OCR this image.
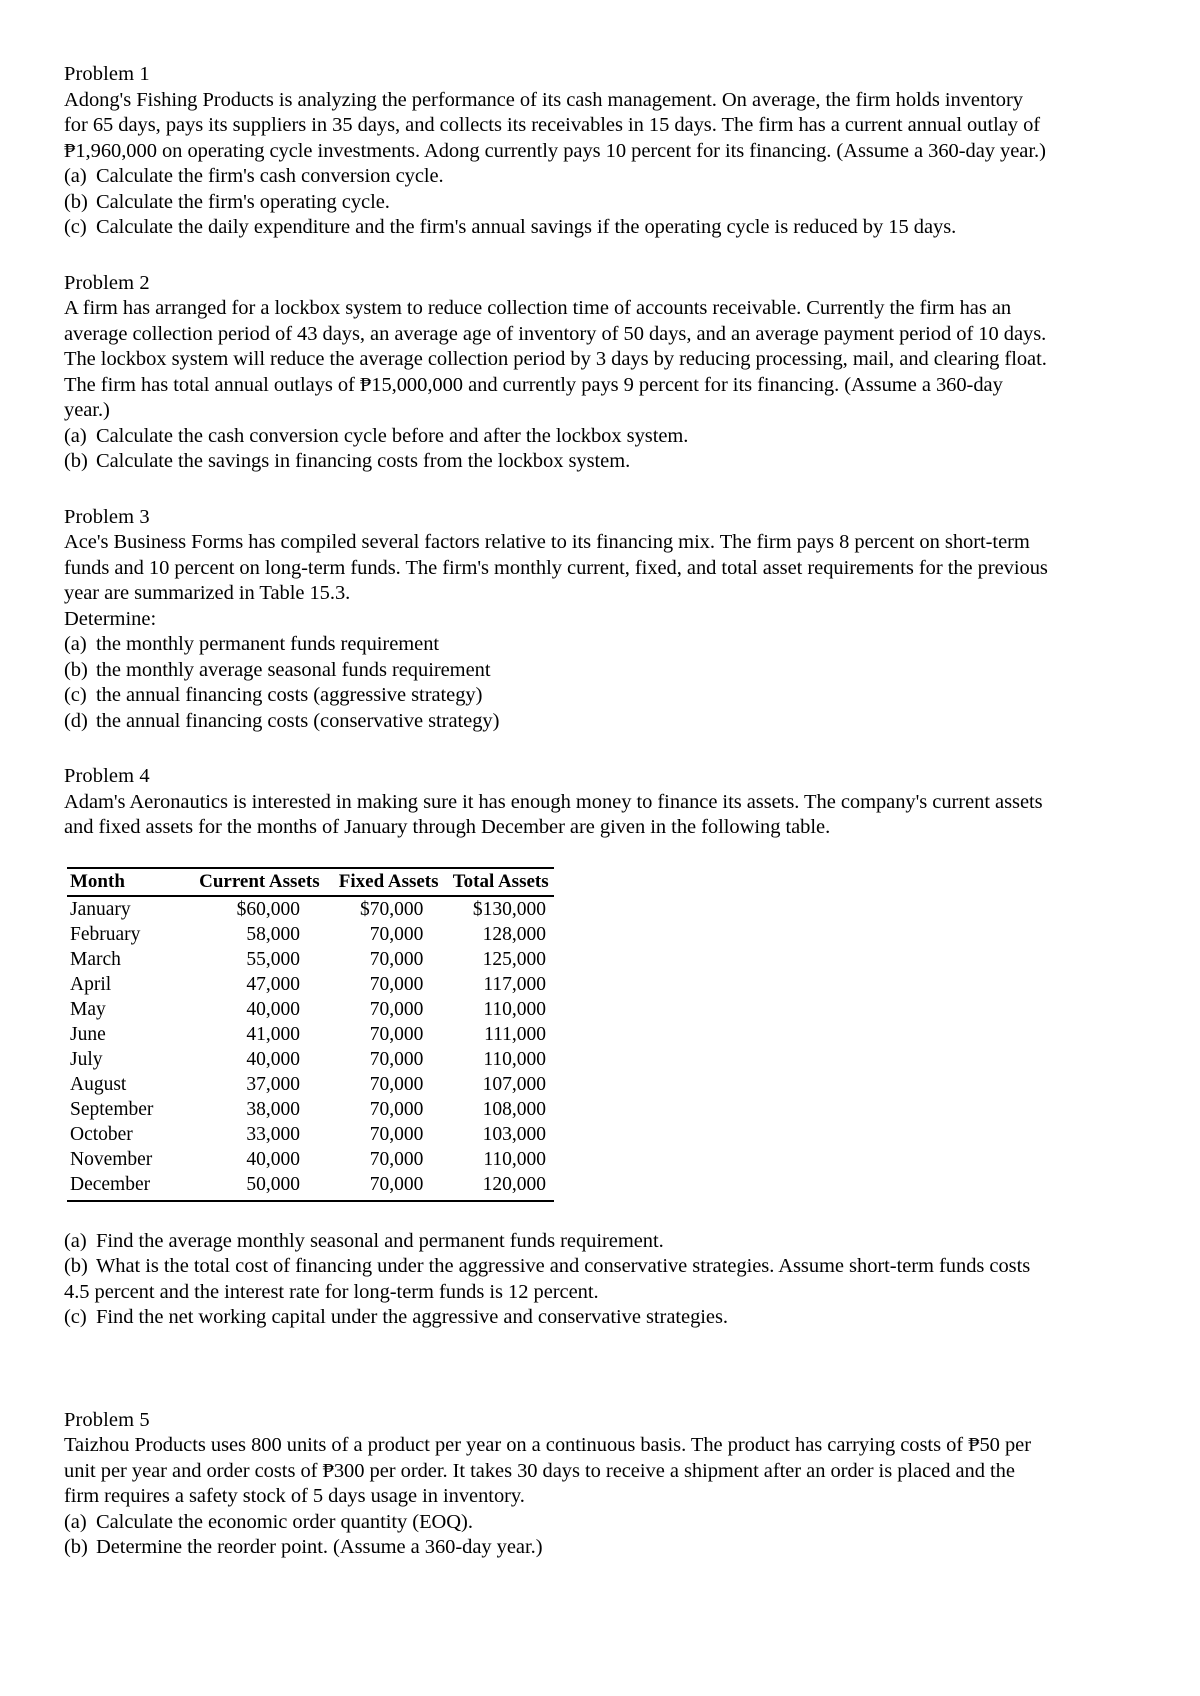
Problem 1

Adong's Fishing Products is analyzing the performance of its cash management. On average, the firm holds inventory for 65 days, pays its suppliers in 35 days, and collects its receivables in 15 days. The firm has a current annual outlay of ₱1,960,000 on operating cycle investments. Adong currently pays 10 percent for its financing. (Assume a 360-day year.)

(a) Calculate the firm's cash conversion cycle.

(b) Calculate the firm's operating cycle.

(c) Calculate the daily expenditure and the firm's annual savings if the operating cycle is reduced by 15 days.

Problem 2

A firm has arranged for a lockbox system to reduce collection time of accounts receivable. Currently the firm has an average collection period of 43 days, an average age of inventory of 50 days, and an average payment period of 10 days. The lockbox system will reduce the average collection period by 3 days by reducing processing, mail, and clearing float. The firm has total annual outlays of ₱15,000,000 and currently pays 9 percent for its financing. (Assume a 360-day year.)

(a) Calculate the cash conversion cycle before and after the lockbox system.

(b) Calculate the savings in financing costs from the lockbox system.

Problem 3

Ace's Business Forms has compiled several factors relative to its financing mix. The firm pays 8 percent on short-term funds and 10 percent on long-term funds. The firm's monthly current, fixed, and total asset requirements for the previous year are summarized in Table 15.3.

Determine:

(a) the monthly permanent funds requirement

(b) the monthly average seasonal funds requirement

(c) the annual financing costs (aggressive strategy)

(d) the annual financing costs (conservative strategy)

Problem 4

Adam's Aeronautics is interested in making sure it has enough money to finance its assets. The company's current assets and fixed assets for the months of January through December are given in the following table.

Month	Current Assets	Fixed Assets	Total Assets
January	$60,000	$70,000	$130,000
February	58,000	70,000	128,000
March	55,000	70,000	125,000
April	47,000	70,000	117,000
May	40,000	70,000	110,000
June	41,000	70,000	111,000
July	40,000	70,000	110,000
August	37,000	70,000	107,000
September	38,000	70,000	108,000
October	33,000	70,000	103,000
November	40,000	70,000	110,000
December	50,000	70,000	120,000

(a) Find the average monthly seasonal and permanent funds requirement.

(b) What is the total cost of financing under the aggressive and conservative strategies. Assume short-term funds costs 4.5 percent and the interest rate for long-term funds is 12 percent.

(c) Find the net working capital under the aggressive and conservative strategies.

Problem 5

Taizhou Products uses 800 units of a product per year on a continuous basis. The product has carrying costs of ₱50 per unit per year and order costs of ₱300 per order. It takes 30 days to receive a shipment after an order is placed and the firm requires a safety stock of 5 days usage in inventory.

(a) Calculate the economic order quantity (EOQ).

(b) Determine the reorder point. (Assume a 360-day year.)
